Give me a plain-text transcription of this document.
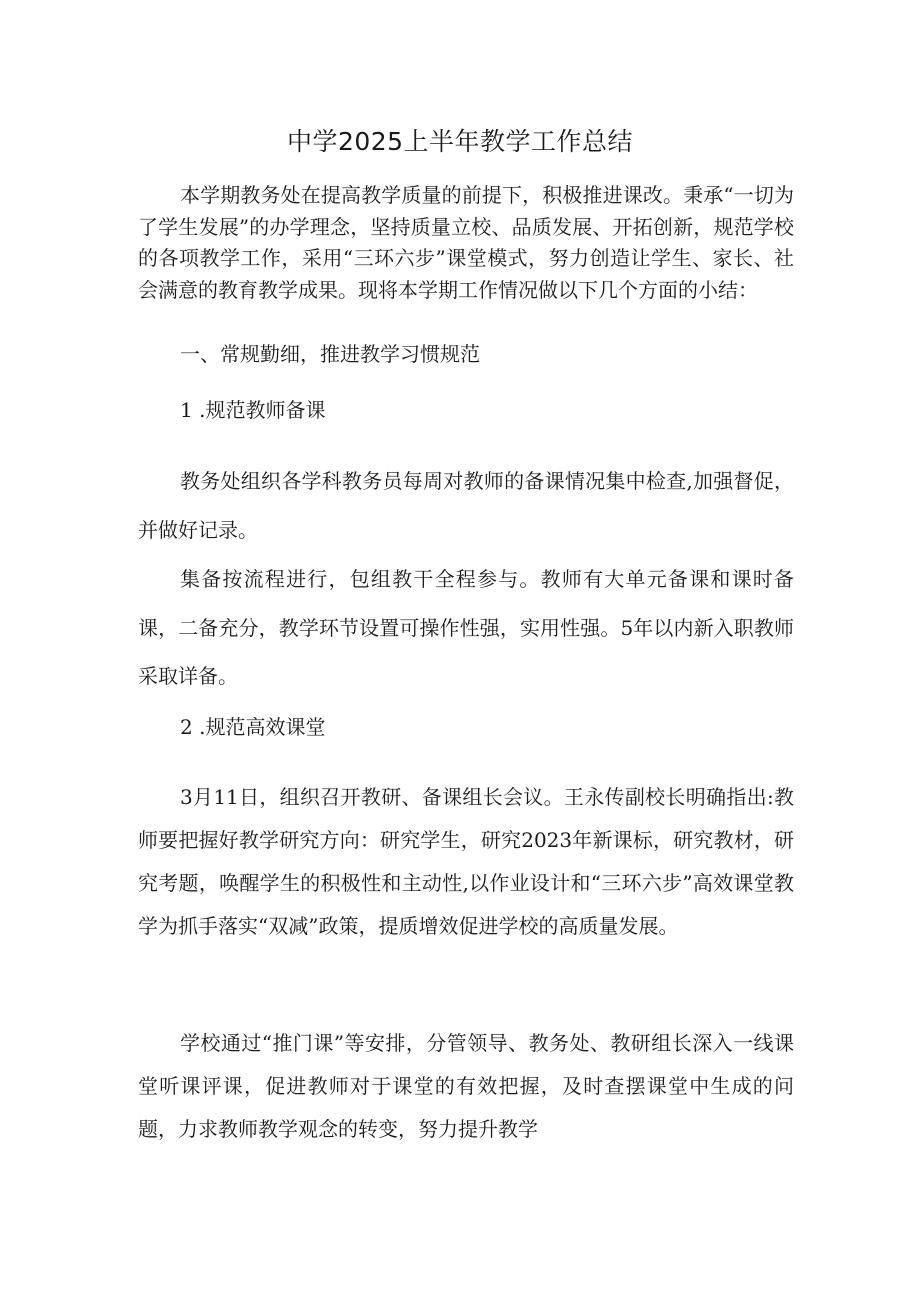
中学2025上半年教学工作总结

本学期教务处在提高教学质量的前提下，积极推进课改。秉承“一切为了学生发展”的办学理念，坚持质量立校、品质发展、开拓创新，规范学校的各项教学工作，采用“三环六步”课堂模式，努力创造让学生、家长、社会满意的教育教学成果。现将本学期工作情况做以下几个方面的小结：

一、常规勤细，推进教学习惯规范

1 .规范教师备课

教务处组织各学科教务员每周对教师的备课情况集中检查,加强督促，并做好记录。

集备按流程进行，包组教干全程参与。教师有大单元备课和课时备课，二备充分，教学环节设置可操作性强，实用性强。5年以内新入职教师采取详备。

2 .规范高效课堂

3月11日，组织召开教研、备课组长会议。王永传副校长明确指出:教师要把握好教学研究方向：研究学生，研究2023年新课标，研究教材，研究考题，唤醒学生的积极性和主动性,以作业设计和“三环六步”高效课堂教学为抓手落实“双减”政策，提质增效促进学校的高质量发展。

学校通过“推门课”等安排，分管领导、教务处、教研组长深入一线课堂听课评课，促进教师对于课堂的有效把握，及时查摆课堂中生成的问题，力求教师教学观念的转变，努力提升教学
